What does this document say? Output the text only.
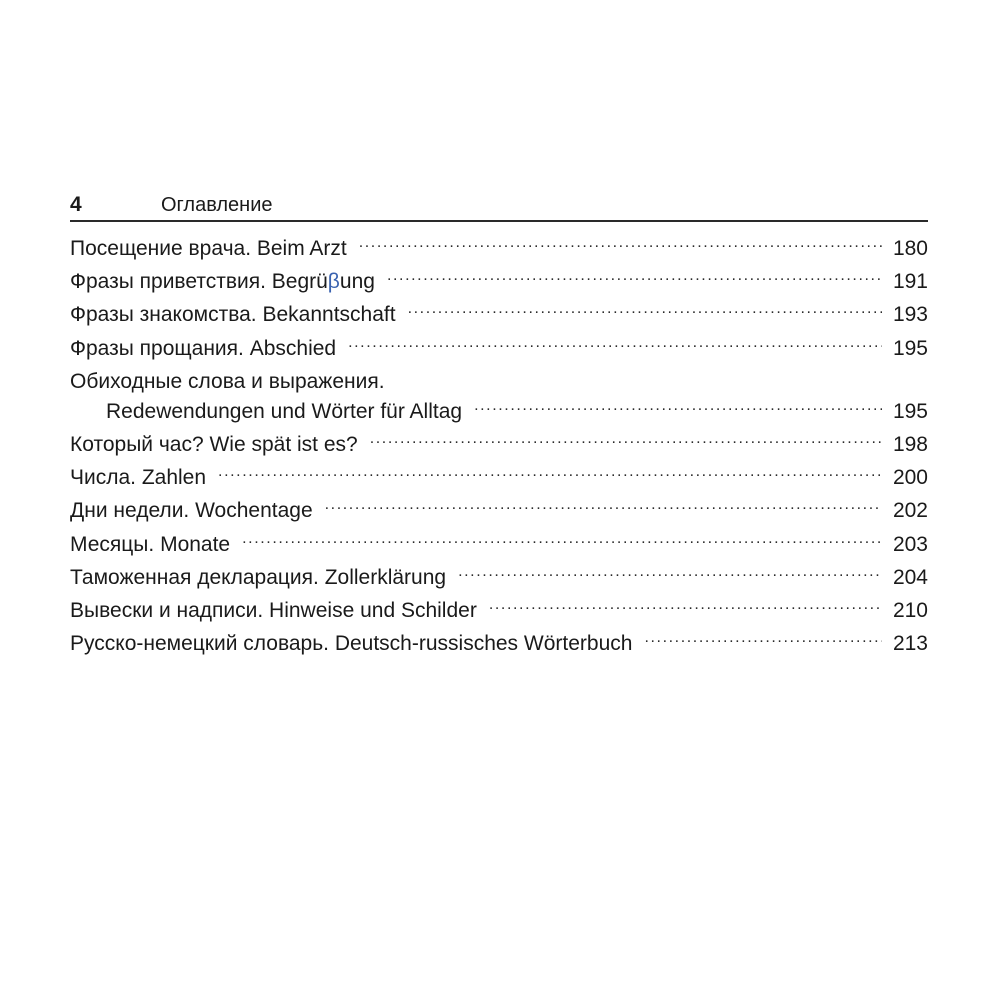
4	Оглавление
Посещение врача. Beim Arzt .....	180
Фразы приветствия. Begrüβung .....	191
Фразы знакомства. Bekanntschaft .....	193
Фразы прощания. Abschied .....	195
Обиходные слова и выражения.
Redewendungen und Wörter für Alltag .....	195
Который час? Wie spät ist es? .....	198
Числа. Zahlen .....	200
Дни недели. Wochentage .....	202
Месяцы. Monate .....	203
Таможенная декларация. Zollerklärung .....	204
Вывески и надписи. Hinweise und Schilder .....	210
Русско-немецкий словарь. Deutsch-russisches Wörterbuch .....	213
